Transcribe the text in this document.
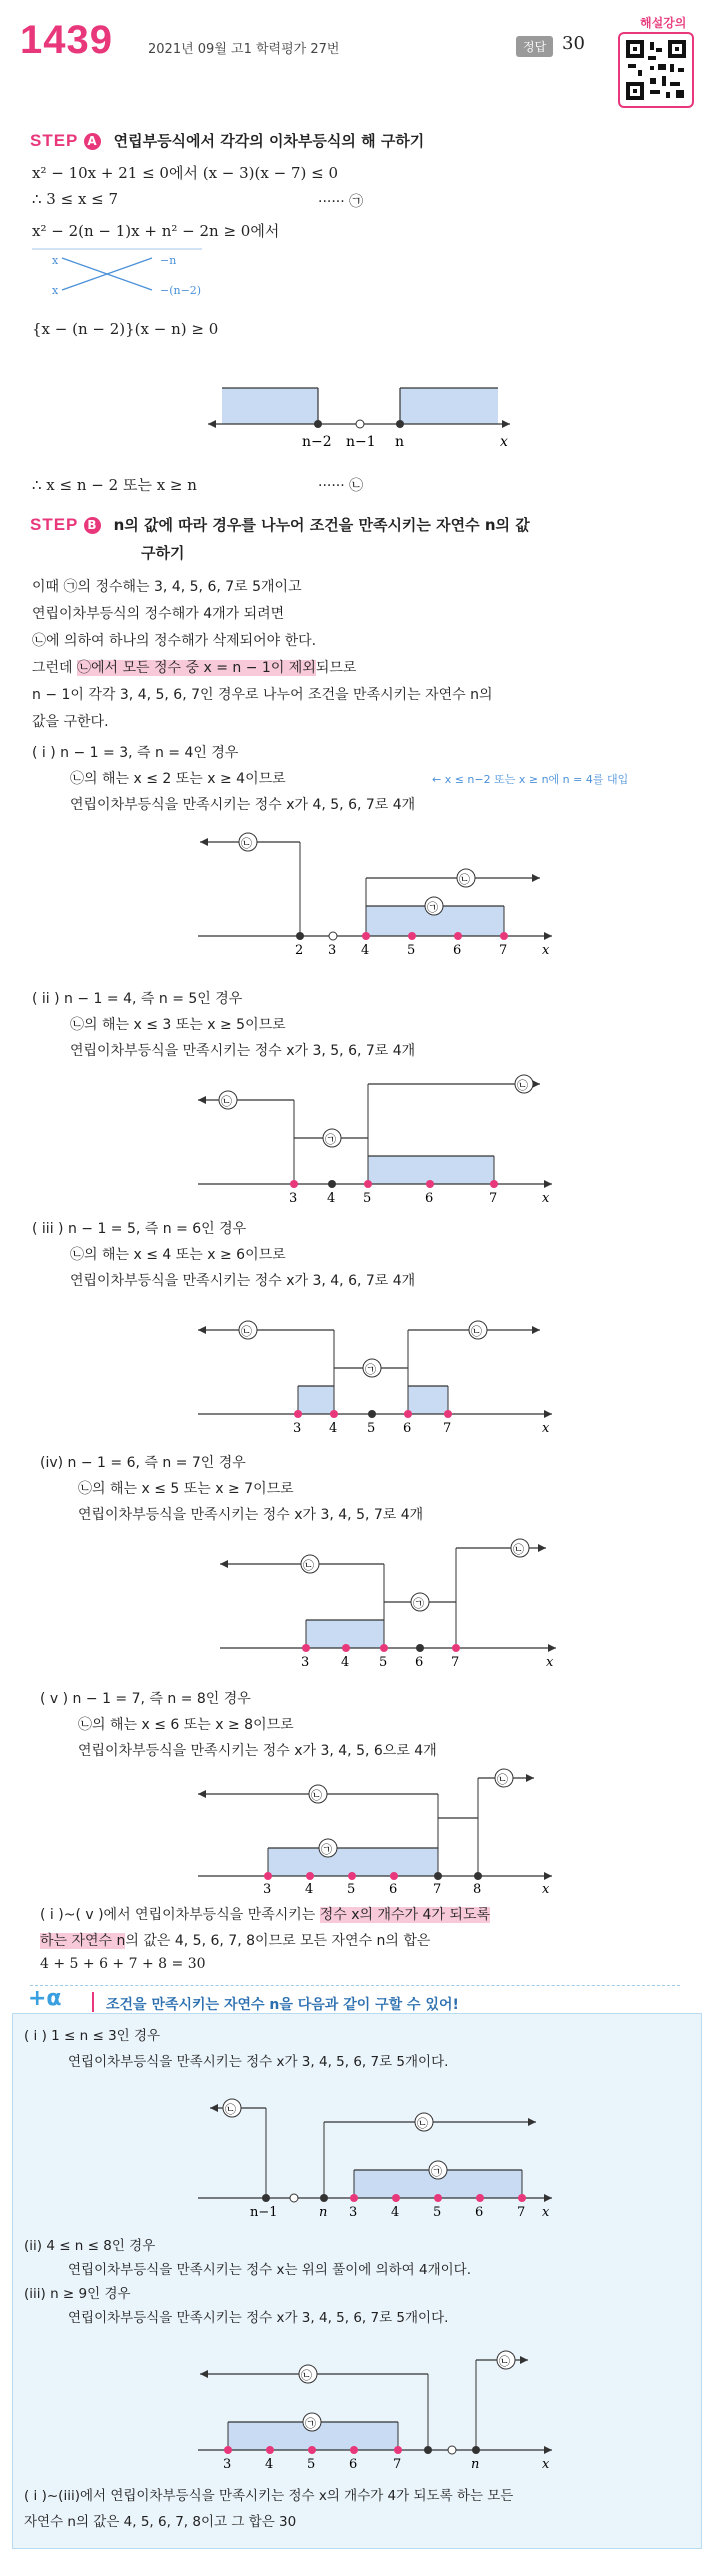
1439	2021년 09월 고1 학력평가 27번	정답 30
해설강의
STEP A 연립부등식에서 각각의 이차부등식의 해 구하기
x² − 10x + 21 ≤ 0에서 (x − 3)(x − 7) ≤ 0
∴ 3 ≤ x ≤ 7	······ ㉠
x² − 2(n − 1)x + n² − 2n ≥ 0에서
x
x
−n
−(n−2)
{x − (n − 2)}(x − n) ≥ 0
n−2 n−1 n	x
∴ x ≤ n − 2 또는 x ≥ n	······ ㉡
STEP B n의 값에 따라 경우를 나누어 조건을 만족시키는 자연수 n의 값
구하기
이때 ㉠의 정수해는 3, 4, 5, 6, 7로 5개이고
연립이차부등식의 정수해가 4개가 되려면
㉡에 의하여 하나의 정수해가 삭제되어야 한다.
그런데 ㉡에서 모든 정수 중 x = n − 1이 제외되므로
n − 1이 각각 3, 4, 5, 6, 7인 경우로 나누어 조건을 만족시키는 자연수 n의
값을 구한다.
( i ) n − 1 = 3, 즉 n = 4인 경우
㉡의 해는 x ≤ 2 또는 x ≥ 4이므로	← x ≤ n−2 또는 x ≥ n에 n = 4를 대입
연립이차부등식을 만족시키는 정수 x가 4, 5, 6, 7로 4개
㉡
㉡
㉠
2 3 4	5	6	7	x
( ii ) n − 1 = 4, 즉 n = 5인 경우
㉡의 해는 x ≤ 3 또는 x ≥ 5이므로
연립이차부등식을 만족시키는 정수 x가 3, 5, 6, 7로 4개
㉡
㉠
㉡
3 4 5	6	7	x
( iii ) n − 1 = 5, 즉 n = 6인 경우
㉡의 해는 x ≤ 4 또는 x ≥ 6이므로
연립이차부등식을 만족시키는 정수 x가 3, 4, 6, 7로 4개
㉡
㉠
㉡
3 4 5 6 7	x
(iv) n − 1 = 6, 즉 n = 7인 경우
㉡의 해는 x ≤ 5 또는 x ≥ 7이므로
연립이차부등식을 만족시키는 정수 x가 3, 4, 5, 7로 4개
㉡
㉠
㉡
3 4 5 6 7	x
( v ) n − 1 = 7, 즉 n = 8인 경우
㉡의 해는 x ≤ 6 또는 x ≥ 8이므로
연립이차부등식을 만족시키는 정수 x가 3, 4, 5, 6으로 4개
㉡
㉠
㉡
3	4	5	6	7 8	x
( i )~( v )에서 연립이차부등식을 만족시키는 정수 x의 개수가 4가 되도록
하는 자연수 n의 값은 4, 5, 6, 7, 8이므로 모든 자연수 n의 합은
4 + 5 + 6 + 7 + 8 = 30
+α	조건을 만족시키는 자연수 n을 다음과 같이 구할 수 있어!
( i ) 1 ≤ n ≤ 3인 경우
연립이차부등식을 만족시키는 정수 x가 3, 4, 5, 6, 7로 5개이다.
㉡
㉡
㉠
n−1	n 3	4	5	6	7 x
(ii) 4 ≤ n ≤ 8인 경우
연립이차부등식을 만족시키는 정수 x는 위의 풀이에 의하여 4개이다.
(iii) n ≥ 9인 경우
연립이차부등식을 만족시키는 정수 x가 3, 4, 5, 6, 7로 5개이다.
㉡
㉠
㉡
3	4	5	6	7	n	x
( i )~(iii)에서 연립이차부등식을 만족시키는 정수 x의 개수가 4가 되도록 하는 모든
자연수 n의 값은 4, 5, 6, 7, 8이고 그 합은 30
